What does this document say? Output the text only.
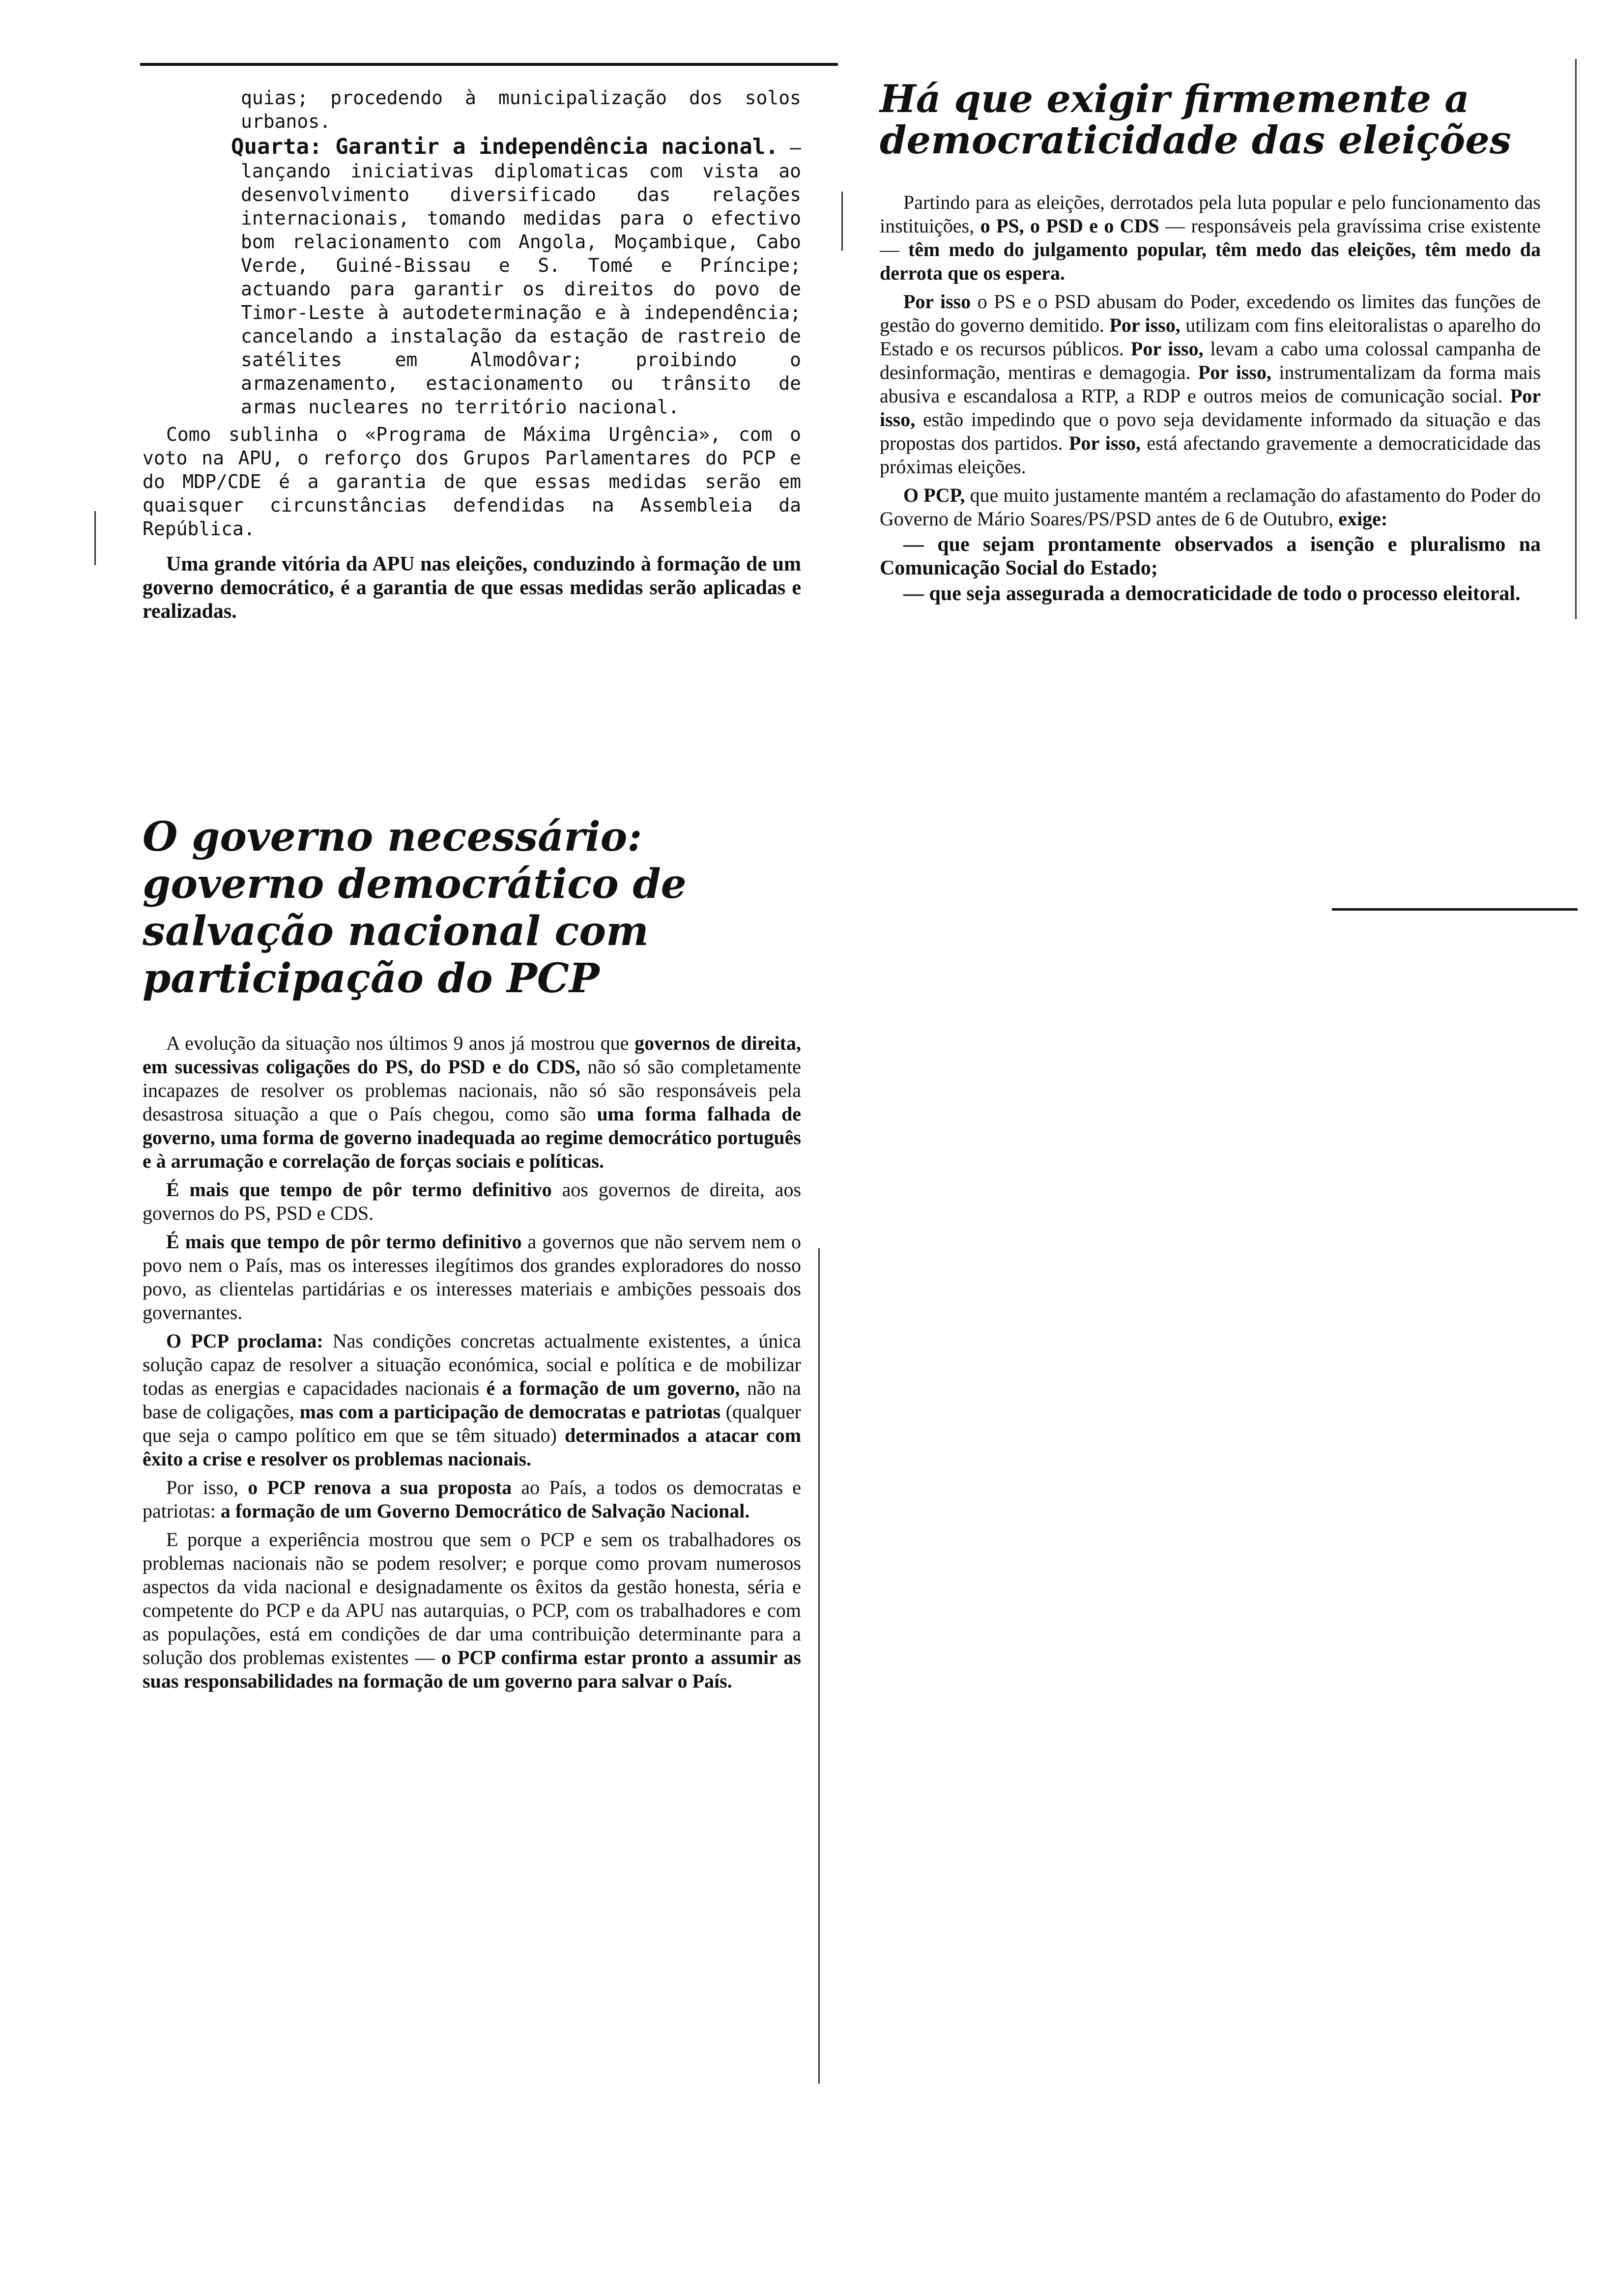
quias; procedendo à municipalização dos solos urbanos.

Quarta: Garantir a independência nacional. — lançando iniciativas diplomaticas com vista ao desenvolvimento diversificado das relações internacionais, tomando medidas para o efectivo bom relacionamento com Angola, Moçambique, Cabo Verde, Guiné-Bissau e S. Tomé e Príncipe; actuando para garantir os direitos do povo de Timor-Leste à autodeterminação e à independência; cancelando a instalação da estação de rastreio de satélites em Almodôvar; proibindo o armazenamento, estacionamento ou trânsito de armas nucleares no território nacional.

Como sublinha o «Programa de Máxima Urgência», com o voto na APU, o reforço dos Grupos Parlamentares do PCP e do MDP/CDE é a garantia de que essas medidas serão em quaisquer circunstâncias defendidas na Assembleia da República.

Uma grande vitória da APU nas eleições, conduzindo à formação de um governo democrático, é a garantia de que essas medidas serão aplicadas e realizadas.

O governo necessário: governo democrático de salvação nacional com participação do PCP

A evolução da situação nos últimos 9 anos já mostrou que governos de direita, em sucessivas coligações do PS, do PSD e do CDS, não só são completamente incapazes de resolver os problemas nacionais, não só são responsáveis pela desastrosa situação a que o País chegou, como são uma forma falhada de governo, uma forma de governo inadequada ao regime democrático português e à arrumação e correlação de forças sociais e políticas.

É mais que tempo de pôr termo definitivo aos governos de direita, aos governos do PS, PSD e CDS.

É mais que tempo de pôr termo definitivo a governos que não servem nem o povo nem o País, mas os interesses ilegítimos dos grandes exploradores do nosso povo, as clientelas partidárias e os interesses materiais e ambições pessoais dos governantes.

O PCP proclama: Nas condições concretas actualmente existentes, a única solução capaz de resolver a situação económica, social e política e de mobilizar todas as energias e capacidades nacionais é a formação de um governo, não na base de coligações, mas com a participação de democratas e patriotas (qualquer que seja o campo político em que se têm situado) determinados a atacar com êxito a crise e resolver os problemas nacionais.

Por isso, o PCP renova a sua proposta ao País, a todos os democratas e patriotas: a formação de um Governo Democrático de Salvação Nacional.

E porque a experiência mostrou que sem o PCP e sem os trabalhadores os problemas nacionais não se podem resolver; e porque como provam numerosos aspectos da vida nacional e designadamente os êxitos da gestão honesta, séria e competente do PCP e da APU nas autarquias, o PCP, com os trabalhadores e com as populações, está em condições de dar uma contribuição determinante para a solução dos problemas existentes — o PCP confirma estar pronto a assumir as suas responsabilidades na formação de um governo para salvar o País.

Há que exigir firmemente a democraticidade das eleições

Partindo para as eleições, derrotados pela luta popular e pelo funcionamento das instituições, o PS, o PSD e o CDS — responsáveis pela gravíssima crise existente — têm medo do julgamento popular, têm medo das eleições, têm medo da derrota que os espera.

Por isso o PS e o PSD abusam do Poder, excedendo os limites das funções de gestão do governo demitido. Por isso, utilizam com fins eleitoralistas o aparelho do Estado e os recursos públicos. Por isso, levam a cabo uma colossal campanha de desinformação, mentiras e demagogia. Por isso, instrumentalizam da forma mais abusiva e escandalosa a RTP, a RDP e outros meios de comunicação social. Por isso, estão impedindo que o povo seja devidamente informado da situação e das propostas dos partidos. Por isso, está afectando gravemente a democraticidade das próximas eleições.

O PCP, que muito justamente mantém a reclamação do afastamento do Poder do Governo de Mário Soares/PS/PSD antes de 6 de Outubro, exige:

— que sejam prontamente observados a isenção e pluralismo na Comunicação Social do Estado;

— que seja assegurada a democraticidade de todo o processo eleitoral.
